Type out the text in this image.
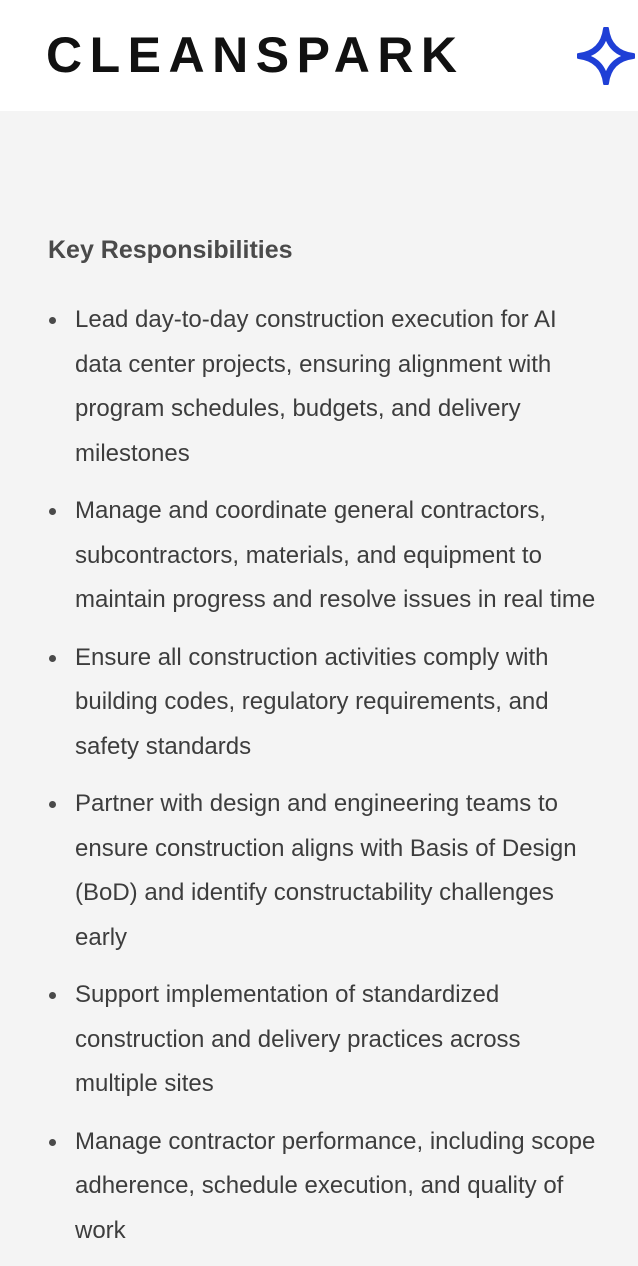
CLEANSPARK
Key Responsibilities
Lead day-to-day construction execution for AI data center projects, ensuring alignment with program schedules, budgets, and delivery milestones
Manage and coordinate general contractors, subcontractors, materials, and equipment to maintain progress and resolve issues in real time
Ensure all construction activities comply with building codes, regulatory requirements, and safety standards
Partner with design and engineering teams to ensure construction aligns with Basis of Design (BoD) and identify constructability challenges early
Support implementation of standardized construction and delivery practices across multiple sites
Manage contractor performance, including scope adherence, schedule execution, and quality of work
